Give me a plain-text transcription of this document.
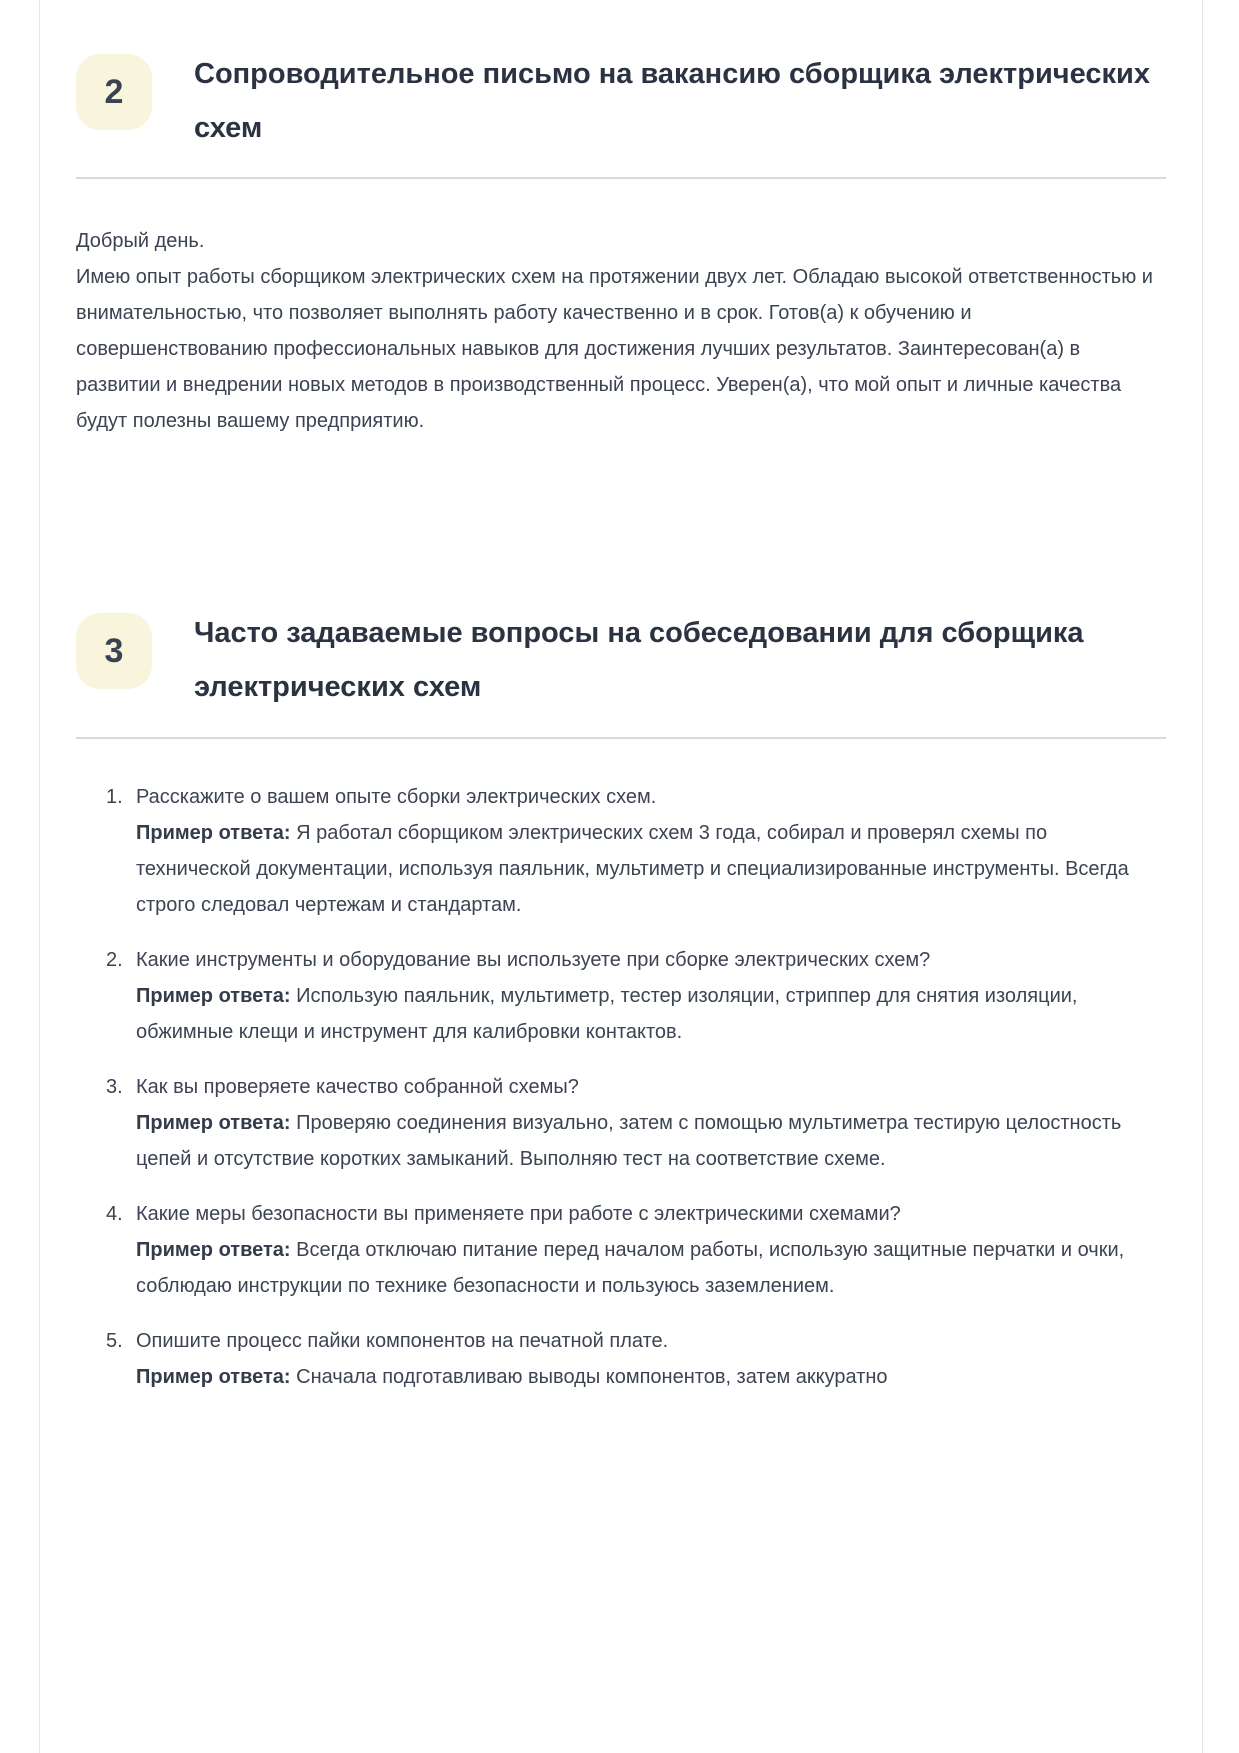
2 Сопроводительное письмо на вакансию сборщика электрических схем

Добрый день.

Имею опыт работы сборщиком электрических схем на протяжении двух лет. Обладаю высокой ответственностью и внимательностью, что позволяет выполнять работу качественно и в срок. Готов(а) к обучению и совершенствованию профессиональных навыков для достижения лучших результатов. Заинтересован(а) в развитии и внедрении новых методов в производственный процесс. Уверен(а), что мой опыт и личные качества будут полезны вашему предприятию.

3 Часто задаваемые вопросы на собеседовании для сборщика электрических схем
1. Расскажите о вашем опыте сборки электрических схем.

Пример ответа: Я работал сборщиком электрических схем 3 года, собирал и проверял схемы по технической документации, используя паяльник, мультиметр и специализированные инструменты. Всегда строго следовал чертежам и стандартам.

2. Какие инструменты и оборудование вы используете при сборке электрических схем?

Пример ответа: Использую паяльник, мультиметр, тестер изоляции, стриппер для снятия изоляции, обжимные клещи и инструмент для калибровки контактов.

3. Как вы проверяете качество собранной схемы?

Пример ответа: Проверяю соединения визуально, затем с помощью мультиметра тестирую целостность цепей и отсутствие коротких замыканий. Выполняю тест на соответствие схеме.

4. Какие меры безопасности вы применяете при работе с электрическими схемами?

Пример ответа: Всегда отключаю питание перед началом работы, использую защитные перчатки и очки, соблюдаю инструкции по технике безопасности и пользуюсь заземлением.

5. Опишите процесс пайки компонентов на печатной плате.

Пример ответа: Сначала подготавливаю выводы компонентов, затем аккуратно
